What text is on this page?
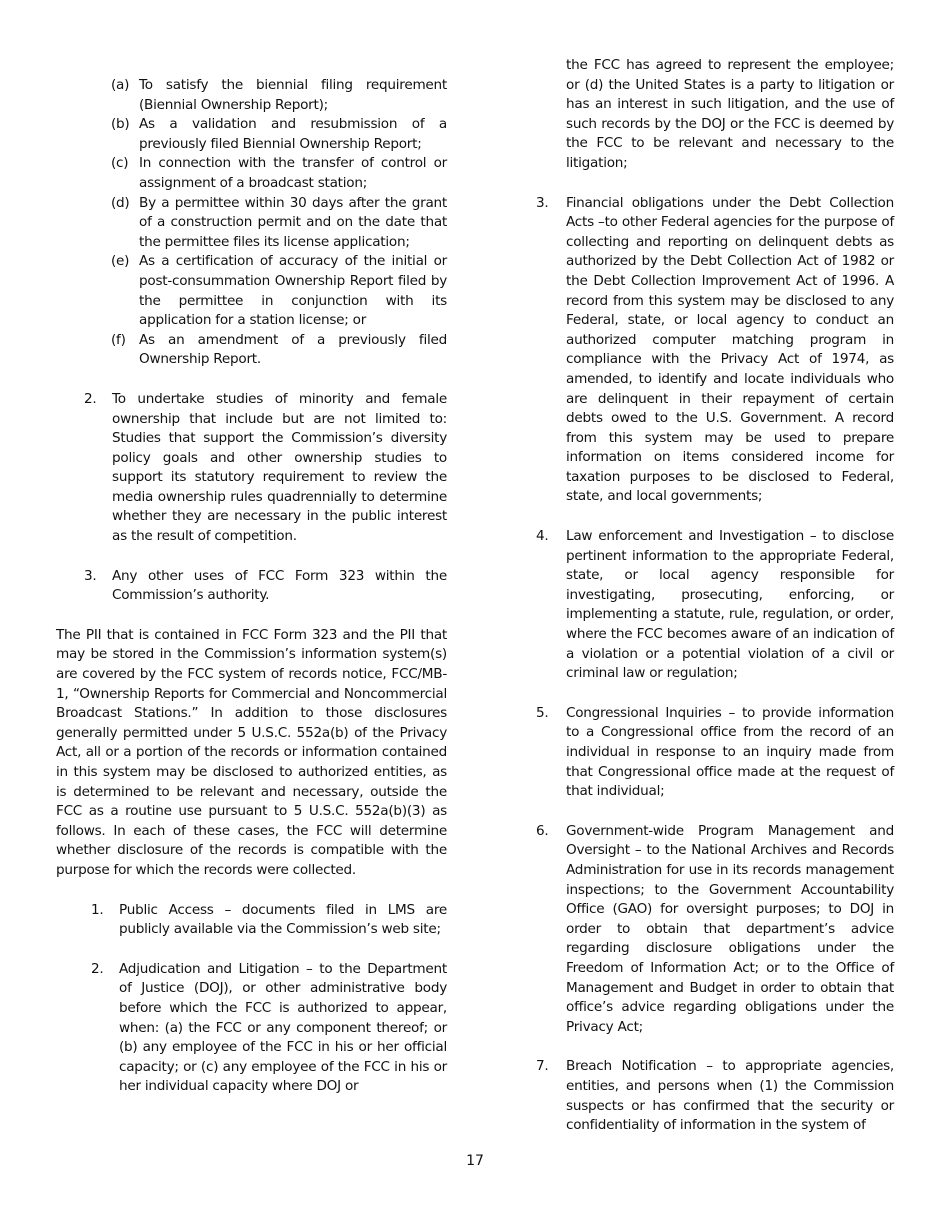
(a) To satisfy the biennial filing requirement (Biennial Ownership Report);
(b) As a validation and resubmission of a previously filed Biennial Ownership Report;
(c) In connection with the transfer of control or assignment of a broadcast station;
(d) By a permittee within 30 days after the grant of a construction permit and on the date that the permittee files its license application;
(e) As a certification of accuracy of the initial or post-consummation Ownership Report filed by the permittee in conjunction with its application for a station license; or
(f) As an amendment of a previously filed Ownership Report.
2.	To undertake studies of minority and female ownership that include but are not limited to: Studies that support the Commission’s diversity policy goals and other ownership studies to support its statutory requirement to review the media ownership rules quadrennially to determine whether they are necessary in the public interest as the result of competition.
3.	Any other uses of FCC Form 323 within the Commission’s authority.

The PII that is contained in FCC Form 323 and the PII that may be stored in the Commission’s information system(s) are covered by the FCC system of records notice, FCC/MB-1, “Ownership Reports for Commercial and Noncommercial Broadcast Stations.” In addition to those disclosures generally permitted under 5 U.S.C. 552a(b) of the Privacy Act, all or a portion of the records or information contained in this system may be disclosed to authorized entities, as is determined to be relevant and necessary, outside the FCC as a routine use pursuant to 5 U.S.C. 552a(b)(3) as follows. In each of these cases, the FCC will determine whether disclosure of the records is compatible with the purpose for which the records were collected.

1.	Public Access – documents filed in LMS are publicly available via the Commission’s web site;
2.	Adjudication and Litigation – to the Department of Justice (DOJ), or other administrative body before which the FCC is authorized to appear, when: (a) the FCC or any component thereof; or (b) any employee of the FCC in his or her official capacity; or (c) any employee of the FCC in his or her individual capacity where DOJ or
the FCC has agreed to represent the employee; or (d) the United States is a party to litigation or has an interest in such litigation, and the use of such records by the DOJ or the FCC is deemed by the FCC to be relevant and necessary to the litigation;
3.	Financial obligations under the Debt Collection Acts –to other Federal agencies for the purpose of collecting and reporting on delinquent debts as authorized by the Debt Collection Act of 1982 or the Debt Collection Improvement Act of 1996. A record from this system may be disclosed to any Federal, state, or local agency to conduct an authorized computer matching program in compliance with the Privacy Act of 1974, as amended, to identify and locate individuals who are delinquent in their repayment of certain debts owed to the U.S. Government. A record from this system may be used to prepare information on items considered income for taxation purposes to be disclosed to Federal, state, and local governments;
4.	Law enforcement and Investigation – to disclose pertinent information to the appropriate Federal, state, or local agency responsible for investigating, prosecuting, enforcing, or implementing a statute, rule, regulation, or order, where the FCC becomes aware of an indication of a violation or a potential violation of a civil or criminal law or regulation;
5.	Congressional Inquiries – to provide information to a Congressional office from the record of an individual in response to an inquiry made from that Congressional office made at the request of that individual;
6.	Government-wide Program Management and Oversight – to the National Archives and Records Administration for use in its records management inspections; to the Government Accountability Office (GAO) for oversight purposes; to DOJ in order to obtain that department’s advice regarding disclosure obligations under the Freedom of Information Act; or to the Office of Management and Budget in order to obtain that office’s advice regarding obligations under the Privacy Act;
7.	Breach Notification – to appropriate agencies, entities, and persons when (1) the Commission suspects or has confirmed that the security or confidentiality of information in the system of
17
